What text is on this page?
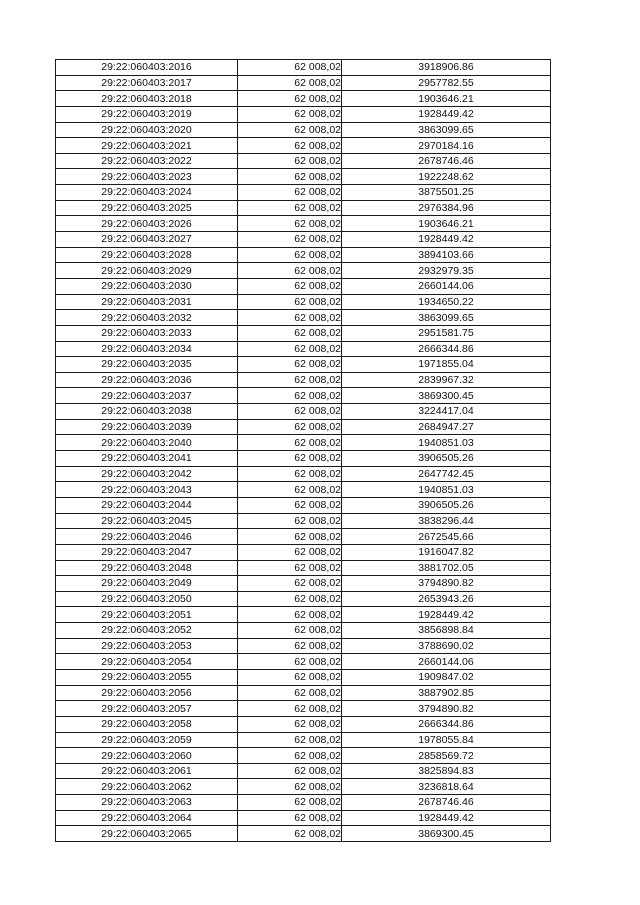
29:22:060403:2016	62 008,02	3918906.86
29:22:060403:2017	62 008,02	2957782.55
29:22:060403:2018	62 008,02	1903646.21
29:22:060403:2019	62 008,02	1928449.42
29:22:060403:2020	62 008,02	3863099.65
29:22:060403:2021	62 008,02	2970184.16
29:22:060403:2022	62 008,02	2678746.46
29:22:060403:2023	62 008,02	1922248.62
29:22:060403:2024	62 008,02	3875501.25
29:22:060403:2025	62 008,02	2976384.96
29:22:060403:2026	62 008,02	1903646.21
29:22:060403:2027	62 008,02	1928449.42
29:22:060403:2028	62 008,02	3894103.66
29:22:060403:2029	62 008,02	2932979.35
29:22:060403:2030	62 008,02	2660144.06
29:22:060403:2031	62 008,02	1934650.22
29:22:060403:2032	62 008,02	3863099.65
29:22:060403:2033	62 008,02	2951581.75
29:22:060403:2034	62 008,02	2666344.86
29:22:060403:2035	62 008,02	1971855.04
29:22:060403:2036	62 008,02	2839967.32
29:22:060403:2037	62 008,02	3869300.45
29:22:060403:2038	62 008,02	3224417.04
29:22:060403:2039	62 008,02	2684947.27
29:22:060403:2040	62 008,02	1940851.03
29:22:060403:2041	62 008,02	3906505.26
29:22:060403:2042	62 008,02	2647742.45
29:22:060403:2043	62 008,02	1940851.03
29:22:060403:2044	62 008,02	3906505.26
29:22:060403:2045	62 008,02	3838296.44
29:22:060403:2046	62 008,02	2672545.66
29:22:060403:2047	62 008,02	1916047.82
29:22:060403:2048	62 008,02	3881702.05
29:22:060403:2049	62 008,02	3794890.82
29:22:060403:2050	62 008,02	2653943.26
29:22:060403:2051	62 008,02	1928449.42
29:22:060403:2052	62 008,02	3856898.84
29:22:060403:2053	62 008,02	3788690.02
29:22:060403:2054	62 008,02	2660144.06
29:22:060403:2055	62 008,02	1909847.02
29:22:060403:2056	62 008,02	3887902.85
29:22:060403:2057	62 008,02	3794890.82
29:22:060403:2058	62 008,02	2666344.86
29:22:060403:2059	62 008,02	1978055.84
29:22:060403:2060	62 008,02	2858569.72
29:22:060403:2061	62 008,02	3825894.83
29:22:060403:2062	62 008,02	3236818.64
29:22:060403:2063	62 008,02	2678746.46
29:22:060403:2064	62 008,02	1928449.42
29:22:060403:2065	62 008,02	3869300.45
